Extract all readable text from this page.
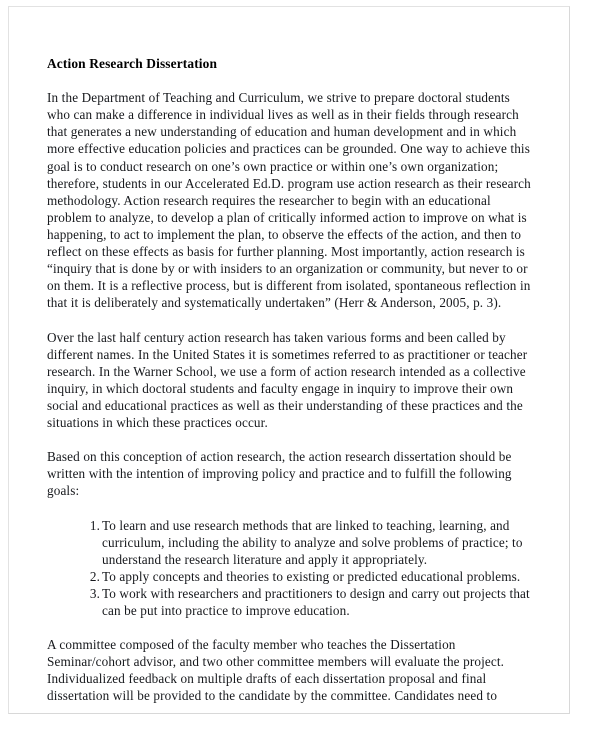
Action Research Dissertation
In the Department of Teaching and Curriculum, we strive to prepare doctoral students
who can make a difference in individual lives as well as in their fields through research
that generates a new understanding of education and human development and in which
more effective education policies and practices can be grounded. One way to achieve this
goal is to conduct research on one’s own practice or within one’s own organization;
therefore, students in our Accelerated Ed.D. program use action research as their research
methodology. Action research requires the researcher to begin with an educational
problem to analyze, to develop a plan of critically informed action to improve on what is
happening, to act to implement the plan, to observe the effects of the action, and then to
reflect on these effects as basis for further planning. Most importantly, action research is
“inquiry that is done by or with insiders to an organization or community, but never to or
on them. It is a reflective process, but is different from isolated, spontaneous reflection in
that it is deliberately and systematically undertaken” (Herr & Anderson, 2005, p. 3).
Over the last half century action research has taken various forms and been called by
different names. In the United States it is sometimes referred to as practitioner or teacher
research. In the Warner School, we use a form of action research intended as a collective
inquiry, in which doctoral students and faculty engage in inquiry to improve their own
social and educational practices as well as their understanding of these practices and the
situations in which these practices occur.
Based on this conception of action research, the action research dissertation should be
written with the intention of improving policy and practice and to fulfill the following
goals:
1. To learn and use research methods that are linked to teaching, learning, and
curriculum, including the ability to analyze and solve problems of practice; to
understand the research literature and apply it appropriately.
2. To apply concepts and theories to existing or predicted educational problems.
3. To work with researchers and practitioners to design and carry out projects that
can be put into practice to improve education.
A committee composed of the faculty member who teaches the Dissertation
Seminar/cohort advisor, and two other committee members will evaluate the project.
Individualized feedback on multiple drafts of each dissertation proposal and final
dissertation will be provided to the candidate by the committee. Candidates need to
